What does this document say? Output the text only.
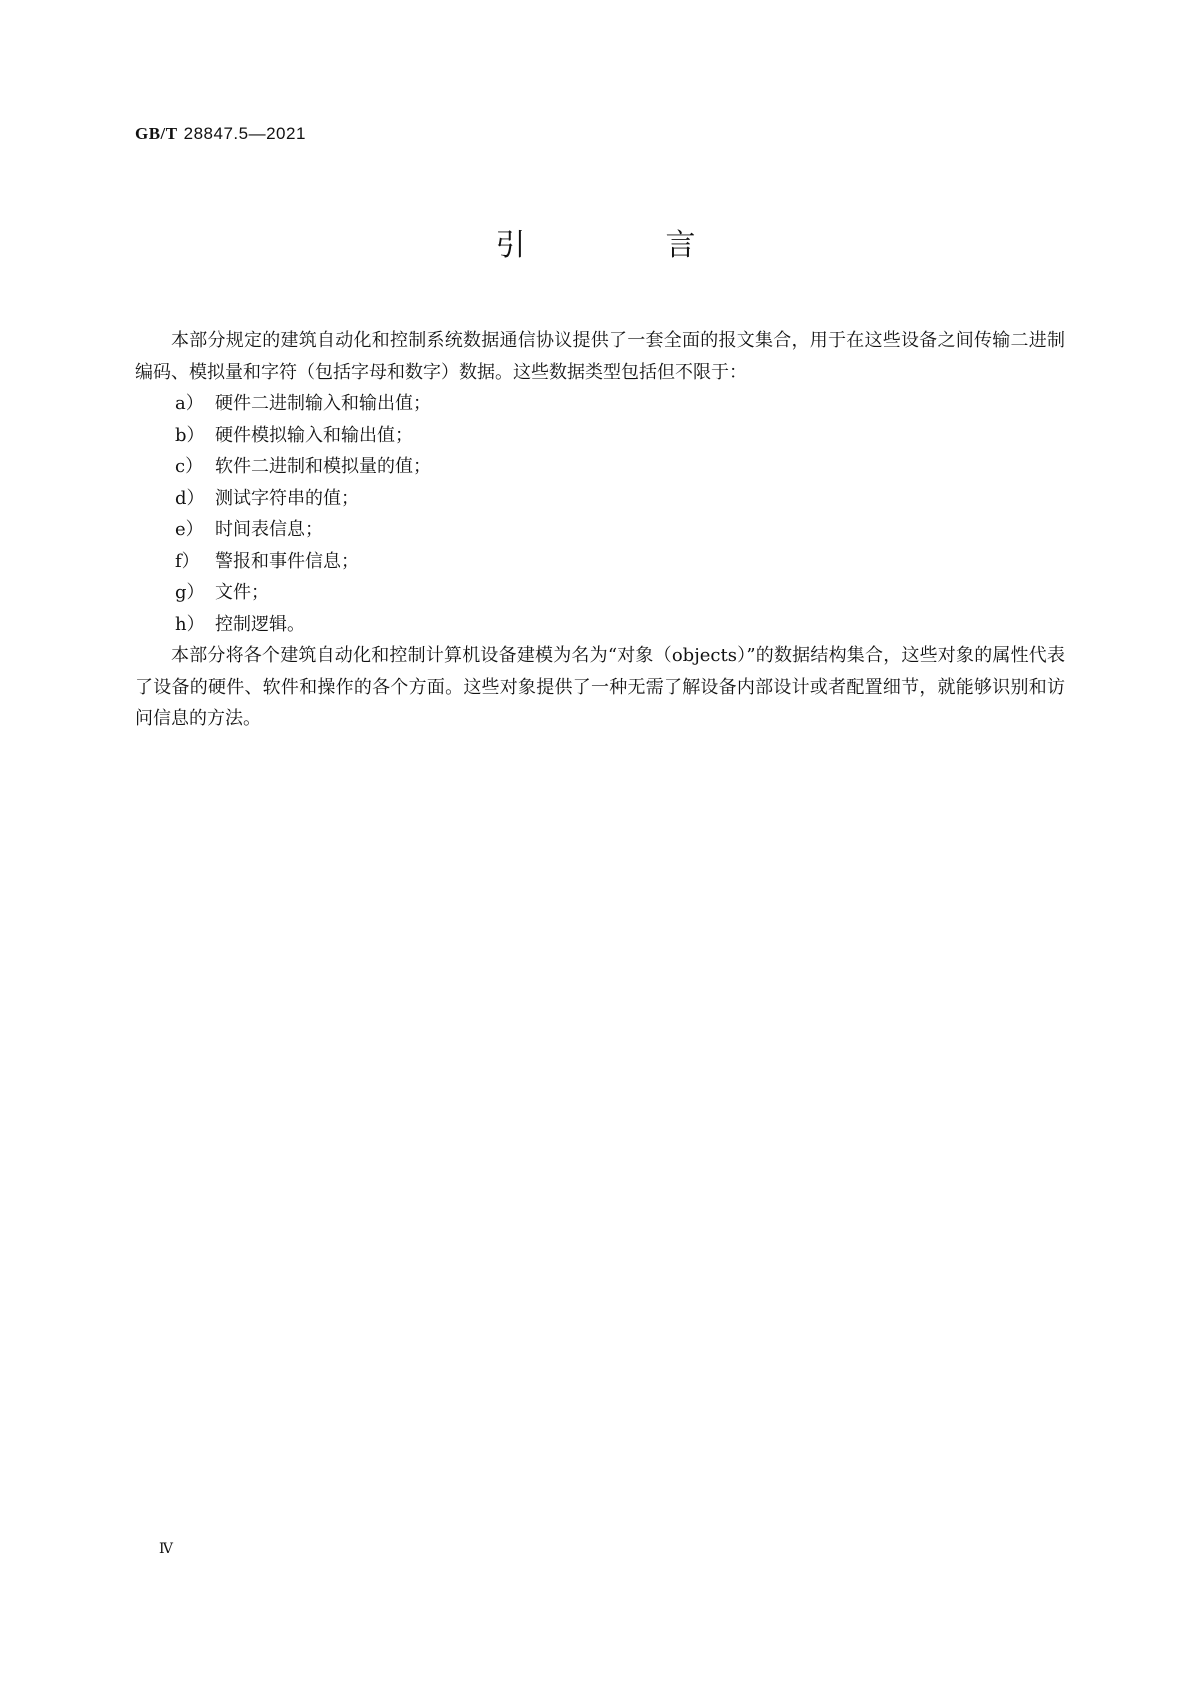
GB/T 28847.5—2021
引　言

本部分规定的建筑自动化和控制系统数据通信协议提供了一套全面的报文集合，用于在这些设备之间传输二进制编码、模拟量和字符（包括字母和数字）数据。这些数据类型包括但不限于：

a） 硬件二进制输入和输出值；
b） 硬件模拟输入和输出值；
c） 软件二进制和模拟量的值；
d） 测试字符串的值；
e） 时间表信息；
f） 警报和事件信息；
g） 文件；
h） 控制逻辑。

本部分将各个建筑自动化和控制计算机设备建模为名为“对象（objects）”的数据结构集合，这些对象的属性代表了设备的硬件、软件和操作的各个方面。这些对象提供了一种无需了解设备内部设计或者配置细节，就能够识别和访问信息的方法。

Ⅳ
